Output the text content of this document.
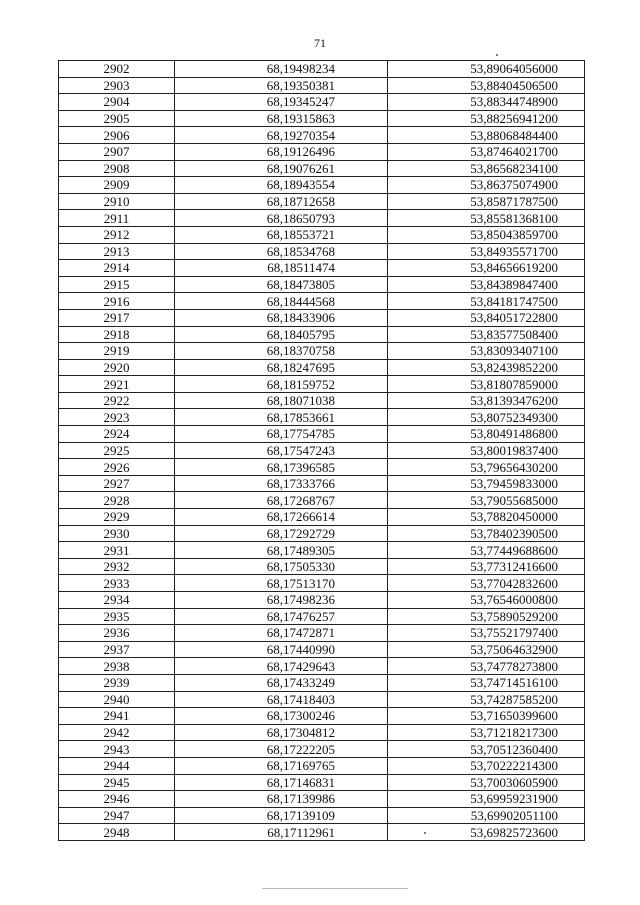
71
2902	68,19498234	53,89064056000
2903	68,19350381	53,88404506500
2904	68,19345247	53,88344748900
2905	68,19315863	53,88256941200
2906	68,19270354	53,88068484400
2907	68,19126496	53,87464021700
2908	68,19076261	53,86568234100
2909	68,18943554	53,86375074900
2910	68,18712658	53,85871787500
2911	68,18650793	53,85581368100
2912	68,18553721	53,85043859700
2913	68,18534768	53,84935571700
2914	68,18511474	53,84656619200
2915	68,18473805	53,84389847400
2916	68,18444568	53,84181747500
2917	68,18433906	53,84051722800
2918	68,18405795	53,83577508400
2919	68,18370758	53,83093407100
2920	68,18247695	53,82439852200
2921	68,18159752	53,81807859000
2922	68,18071038	53,81393476200
2923	68,17853661	53,80752349300
2924	68,17754785	53,80491486800
2925	68,17547243	53,80019837400
2926	68,17396585	53,79656430200
2927	68,17333766	53,79459833000
2928	68,17268767	53,79055685000
2929	68,17266614	53,78820450000
2930	68,17292729	53,78402390500
2931	68,17489305	53,77449688600
2932	68,17505330	53,77312416600
2933	68,17513170	53,77042832600
2934	68,17498236	53,76546000800
2935	68,17476257	53,75890529200
2936	68,17472871	53,75521797400
2937	68,17440990	53,75064632900
2938	68,17429643	53,74778273800
2939	68,17433249	53,74714516100
2940	68,17418403	53,74287585200
2941	68,17300246	53,71650399600
2942	68,17304812	53,71218217300
2943	68,17222205	53,70512360400
2944	68,17169765	53,70222214300
2945	68,17146831	53,70030605900
2946	68,17139986	53,69959231900
2947	68,17139109	53,69902051100
2948	68,17112961	53,69825723600
